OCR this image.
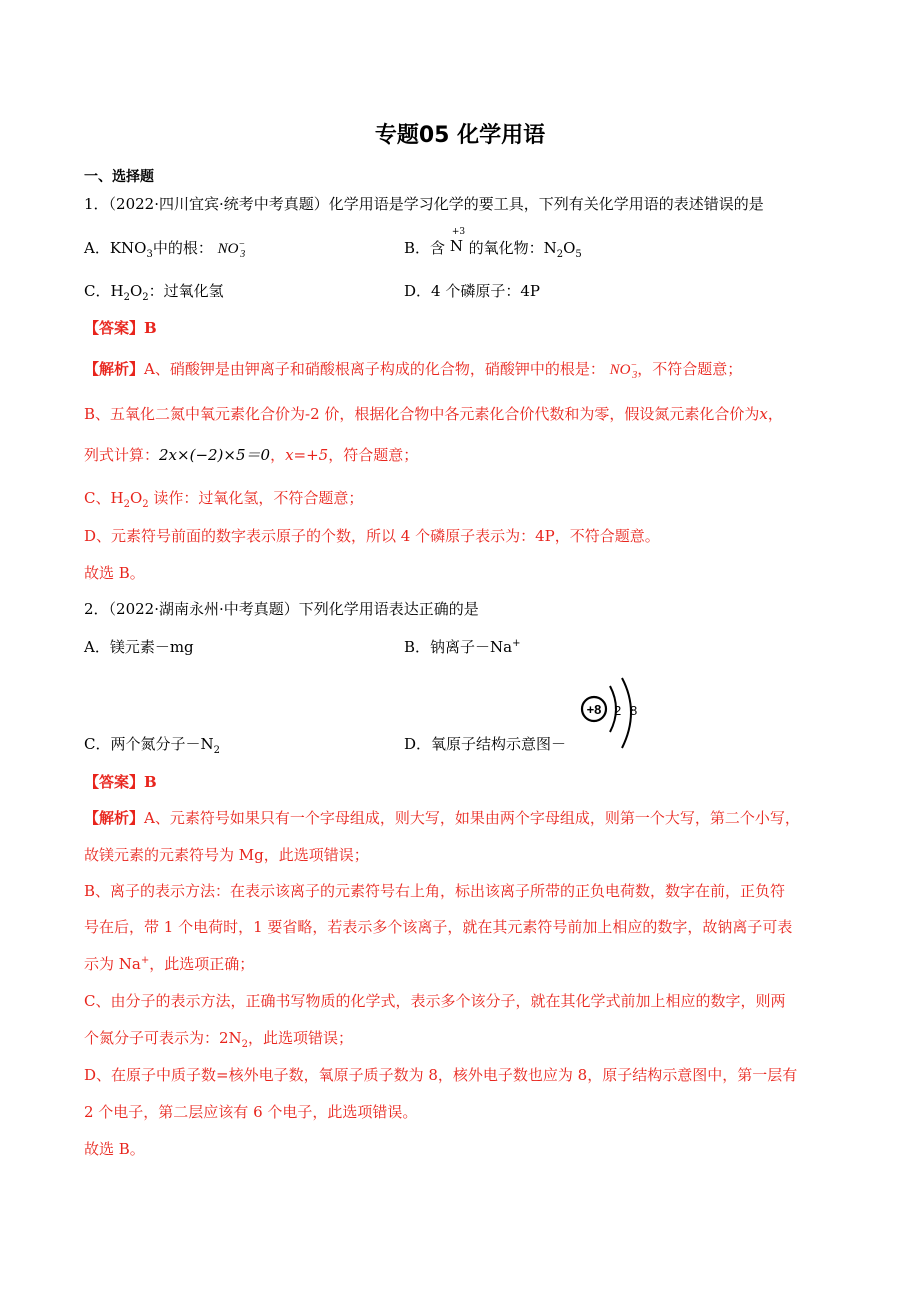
专题05 化学用语
一、选择题
1．（2022·四川宜宾·统考中考真题）化学用语是学习化学的要工具，下列有关化学用语的表述错误的是
A．$KNO_3$中的根： $NO^-_3$	B．含
+3
N 的氧化物：$N_2O_5$
C．$H_2O_2$：过氧化氢	D．4 个磷原子：4P
【答案】B
【解析】A、硝酸钾是由钾离子和硝酸根离子构成的化合物，硝酸钾中的根是： $NO^-_3$，不符合题意；
B、五氧化二氮中氧元素化合价为-2 价，根据化合物中各元素化合价代数和为零，假设氮元素化合价为x，
列式计算：2x×(−2)×5＝0，x=+5，符合题意；
C、$H_2O_2$ 读作：过氧化氢，不符合题意；
D、元素符号前面的数字表示原子的个数，所以 4 个磷原子表示为：4P，不符合题意。
故选 B。
2．（2022·湖南永州·中考真题）下列化学用语表达正确的是
A．镁元素－mg	B．钠离子－Na+
+8 2 8
C．两个氮分子$-N_2$	D．氧原子结构示意图－
【答案】B
【解析】A、元素符号如果只有一个字母组成，则大写，如果由两个字母组成，则第一个大写，第二个小写，
故镁元素的元素符号为 Mg，此选项错误；
B、离子的表示方法：在表示该离子的元素符号右上角，标出该离子所带的正负电荷数，数字在前，正负符
号在后，带 1 个电荷时，1 要省略，若表示多个该离子，就在其元素符号前加上相应的数字，故钠离子可表
示为 Na+，此选项正确；
C、由分子的表示方法，正确书写物质的化学式，表示多个该分子，就在其化学式前加上相应的数字，则两
个氮分子可表示为：$2N_2$，此选项错误；
D、在原子中质子数=核外电子数，氧原子质子数为 8，核外电子数也应为 8，原子结构示意图中，第一层有
2 个电子，第二层应该有 6 个电子，此选项错误。
故选 B。
